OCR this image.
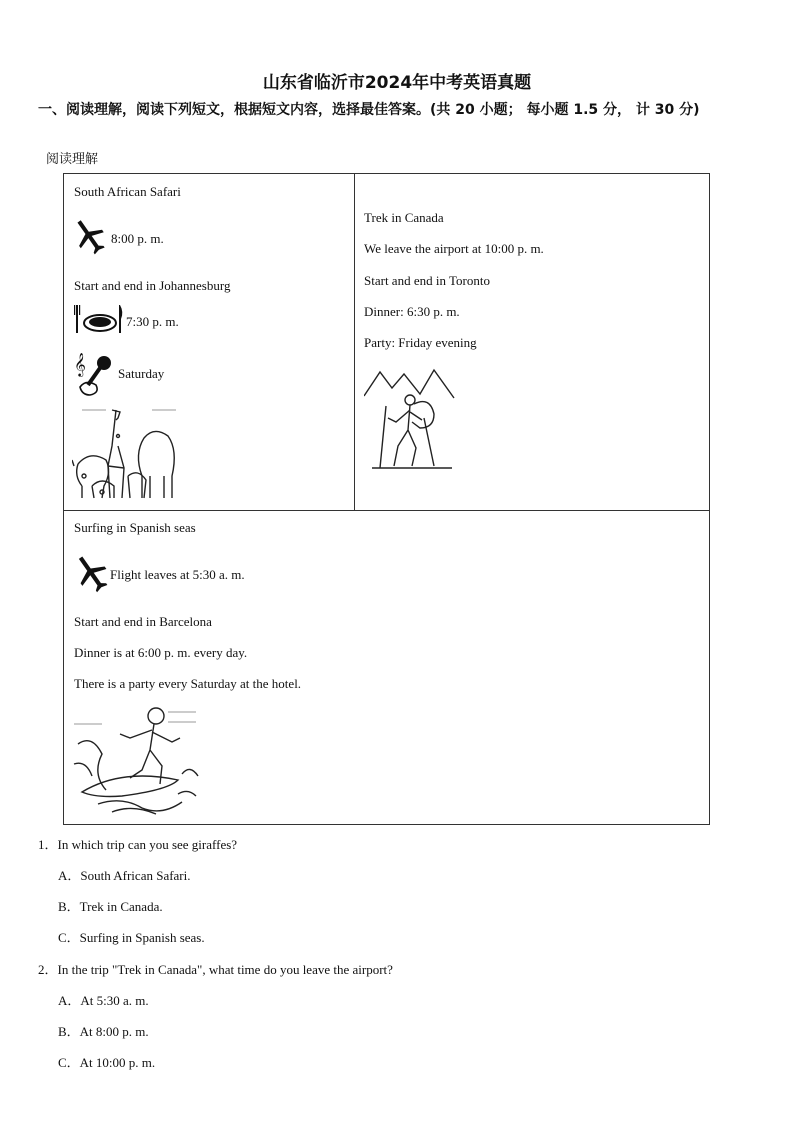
山东省临沂市2024年中考英语真题
一、阅读理解，阅读下列短文，根据短文内容，选择最佳答案。(共 20 小题； 每小题 1.5 分， 计 30 分)
阅读理解
South African Safari
8:00 p. m.
Start and end in Johannesburg
7:30 p. m.
𝄞 Saturday
Trek in Canada
We leave the airport at 10:00 p. m.
Start and end in Toronto
Dinner: 6:30 p. m.
Party: Friday evening
Surfing in Spanish seas
Flight leaves at 5:30 a. m.
Start and end in Barcelona
Dinner is at 6:00 p. m. every day.
There is a party every Saturday at the hotel.
1．In which trip can you see giraffes?
A．South African Safari.
B．Trek in Canada.
C．Surfing in Spanish seas.
2．In the trip "Trek in Canada", what time do you leave the airport?
A．At 5:30 a. m.
B．At 8:00 p. m.
C．At 10:00 p. m.
